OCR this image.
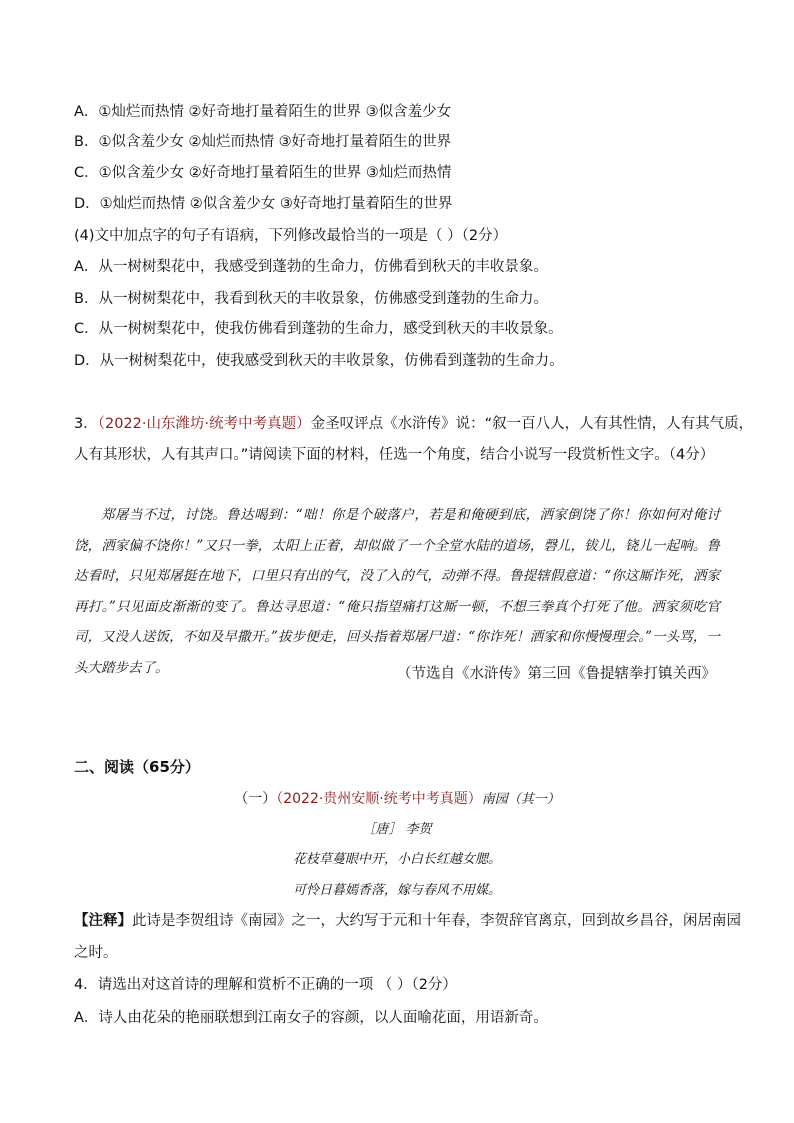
A．①灿烂而热情 ②好奇地打量着陌生的世界 ③似含羞少女
B．①似含羞少女 ②灿烂而热情 ③好奇地打量着陌生的世界
C．①似含羞少女 ②好奇地打量着陌生的世界 ③灿烂而热情
D．①灿烂而热情 ②似含羞少女 ③好奇地打量着陌生的世界
(4)文中加点字的句子有语病，下列修改最恰当的一项是（ ）（2分）
A．从一树树梨花中，我感受到蓬勃的生命力，仿佛看到秋天的丰收景象。
B．从一树树梨花中，我看到秋天的丰收景象，仿佛感受到蓬勃的生命力。
C．从一树树梨花中，使我仿佛看到蓬勃的生命力，感受到秋天的丰收景象。
D．从一树树梨花中，使我感受到秋天的丰收景象，仿佛看到蓬勃的生命力。
3．（2022·山东潍坊·统考中考真题）金圣叹评点《水浒传》说：“叙一百八人，人有其性情，人有其气质，
人有其形状，人有其声口。”请阅读下面的材料，任选一个角度，结合小说写一段赏析性文字。（4分）
郑屠当不过，讨饶。鲁达喝到：“咄！你是个破落户，若是和俺硬到底，洒家倒饶了你！你如何对俺讨饶，洒家偏不饶你！”又只一拳，太阳上正着，却似做了一个全堂水陆的道场，磬儿，钹儿，铙儿一起响。鲁达看时，只见郑屠挺在地下，口里只有出的气，没了入的气，动弹不得。鲁提辖假意道：“你这厮诈死，洒家再打。”只见面皮渐渐的变了。鲁达寻思道：“俺只指望痛打这厮一顿，不想三拳真个打死了他。洒家须吃官司，又没人送饭，不如及早撒开。”拔步便走，回头指着郑屠尸道：“你诈死！洒家和你慢慢理会。”一头骂，一头大踏步去了。	（节选自《水浒传》第三回《鲁提辖拳打镇关西》
二、阅读（65分）
（一）（2022·贵州安顺·统考中考真题）南园（其一）
［唐］ 李贺
花枝草蔓眼中开，小白长红越女腮。
可怜日暮嫣香落，嫁与春风不用媒。
【注释】此诗是李贺组诗《南园》之一，大约写于元和十年春，李贺辞官离京，回到故乡昌谷，闲居南园
之时。
4．请选出对这首诗的理解和赏析不正确的一项 （ ）（2分）
A．诗人由花朵的艳丽联想到江南女子的容颜，以人面喻花面，用语新奇。
